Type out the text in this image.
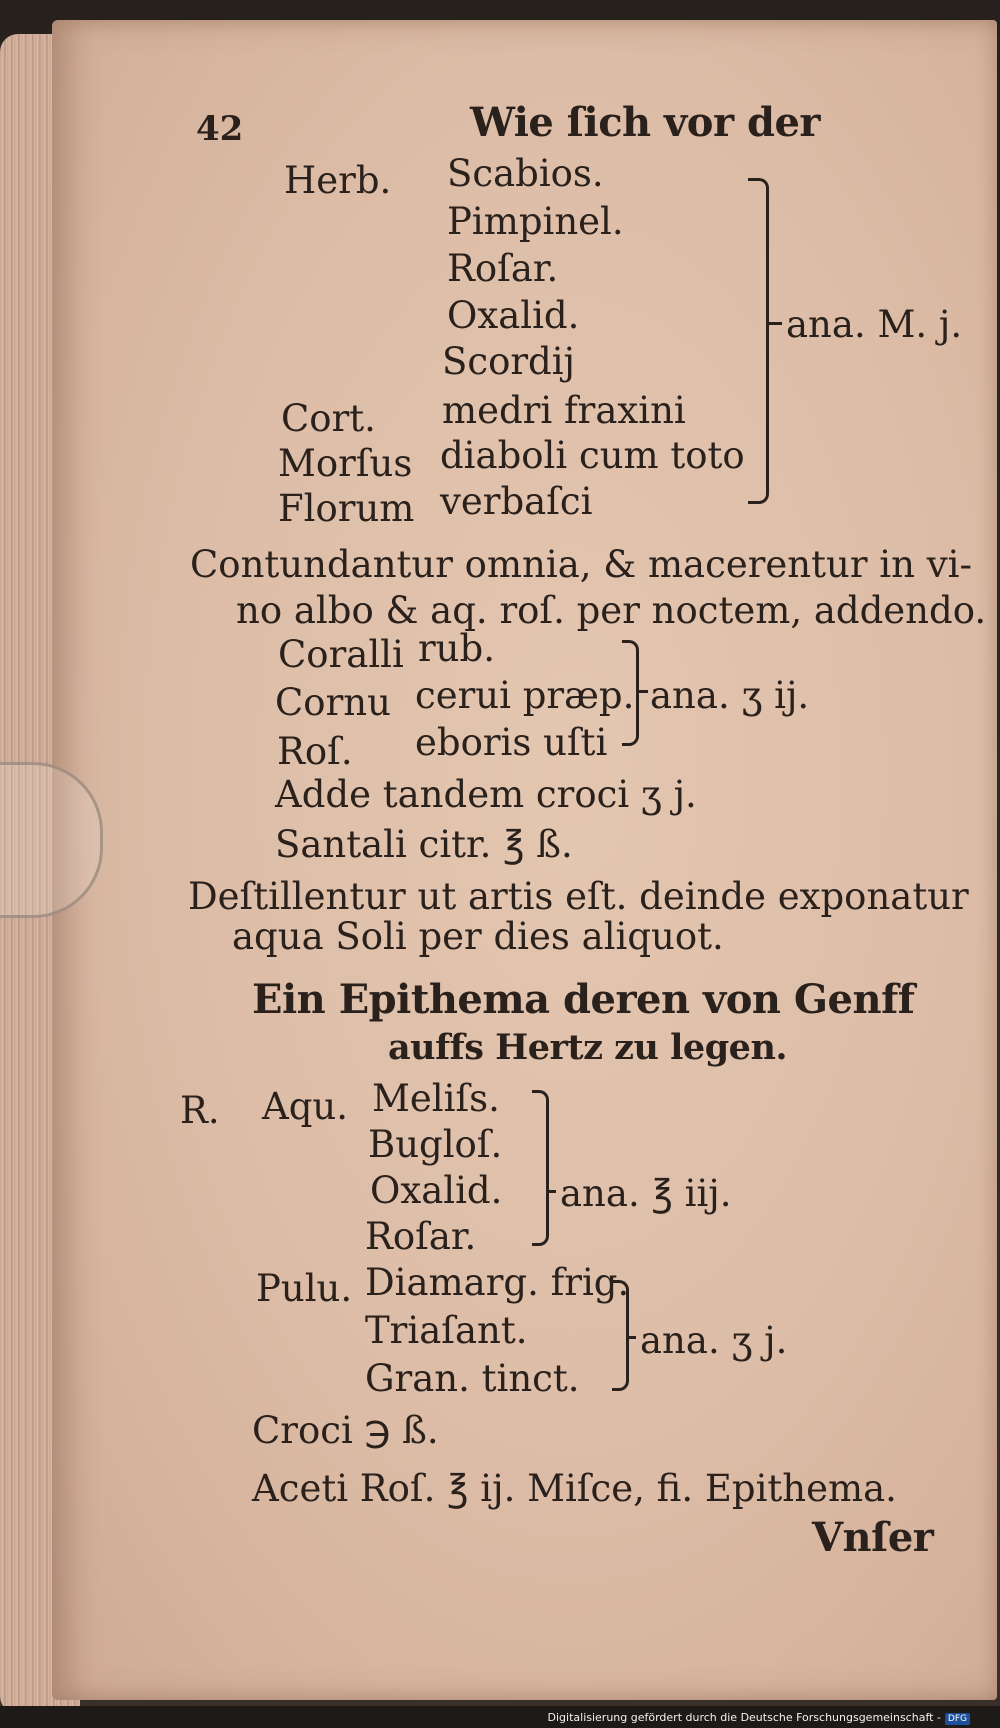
42	Wie ſich vor der
Herb. Scabios.
Pimpinel.
Roſar.
Oxalid.
Scordij
Cort. medri fraxini
Morſus diaboli cum toto
Florum verbaſci
ana. M. j.
Contundantur omnia, & macerentur in vi-
no albo & aq. roſ. per noctem, addendo.
Coralli rub.
Cornu cerui præp.
Roſ. eboris uſti
ana. ʒ ij.
Adde tandem croci ʒ j.
Santali citr. ℥ ß.
Deſtillentur ut artis eſt. deinde exponatur
aqua Soli per dies aliquot.
Ein Epithema deren von Genff
auffs Hertz zu legen.
R. Aqu. Meliſs.
Bugloſ.
Oxalid.
Roſar.
ana. ℥ iij.
Pulu. Diamarg. frig.
Triaſant.
Gran. tinct.
ana. ʒ j.
Croci ℈ ß.
Aceti Roſ. ℥ ij. Miſce, fi. Epithema.
Vnſer
Digitalisierung gefördert durch die Deutsche Forschungsgemeinschaft - DFG
